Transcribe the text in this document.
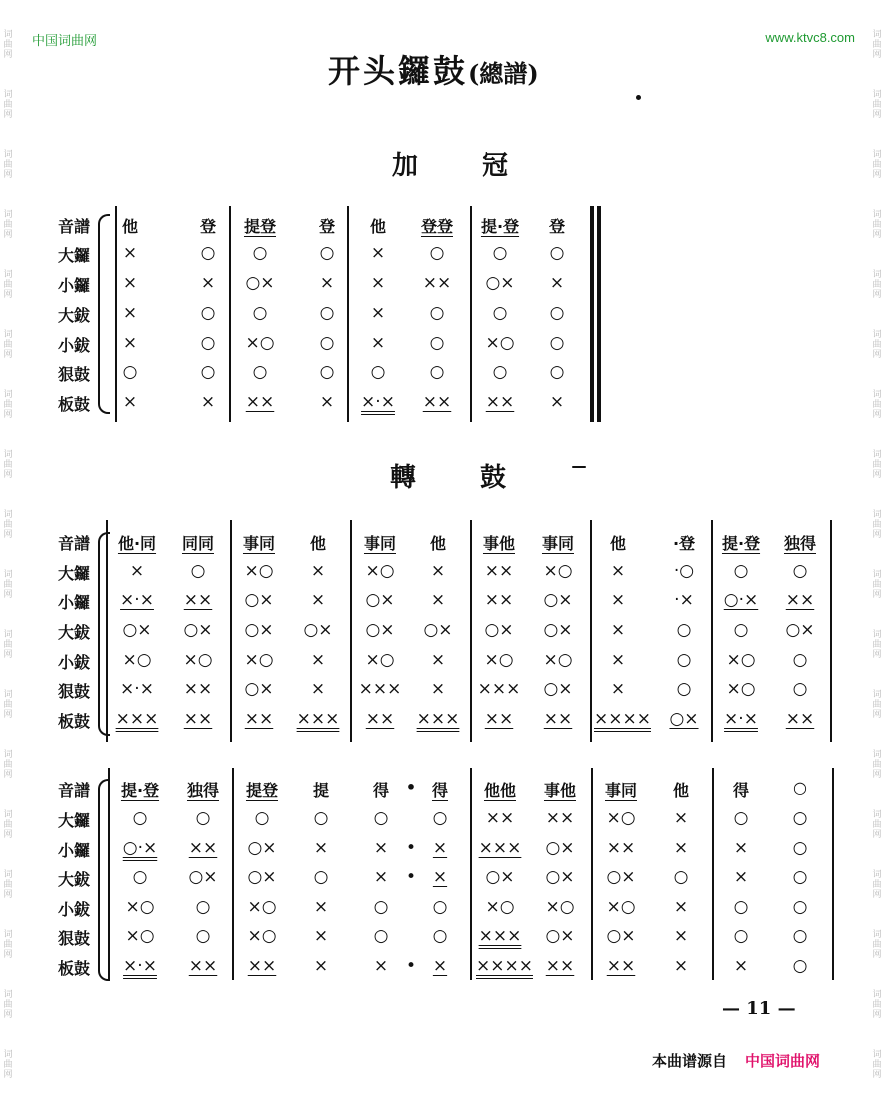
词
曲
网
词
曲
网
词
曲
网
词
曲
网
词
曲
网
词
曲
网
词
曲
网
词
曲
网
词
曲
网
词
曲
网
词
曲
网
词
曲
网
词
曲
网
词
曲
网
词
曲
网
词
曲
网
词
曲
网
词
曲
网
词
曲
网
词
曲
网
词
曲
网
词
曲
网
词
曲
网
词
曲
网
词
曲
网
词
曲
网
词
曲
网
词
曲
网
词
曲
网
词
曲
网
词
曲
网
词
曲
网
词
曲
网
词
曲
网
词
曲
网
词
曲
网
中国词曲网	www.ktvc8.com
开头鑼鼓(總譜)
加 冠
轉 鼓
音譜
大鑼
小鑼
大鈸
小鈸
狠鼓
板鼓
他	登	提登	登	他	登登	提·登	登
×	○	○	○	×	○	○	○
×	×	○×	×	×	××	○×	×
×	○	○	○	×	○	○	○
×	○	×○	○	×	○	×○	○
○	○	○	○	○	○	○	○
×	×	××	×	×·×	××	××	×
音譜
大鑼
小鑼
大鈸
小鈸
狠鼓
板鼓
他·同	同同	事同	他	事同	他	事他	事同	他	·登	提·登	独得
×	○	×○	×	×○	×	××	×○	×	·○	○	○
×·×	××	○×	×	○×	×	××	○×	×	·×	○·×	××
○×	○×	○×	○×	○×	○×	○×	○×	×	○	○	○×
×○	×○	×○	×	×○	×	×○	×○	×	○	×○	○
×·×	××	○×	×	×××	×	×××	○×	×	○	×○	○
×××	××	××	×××	××	×××	××	××	××××	○×	×·×	××
音譜
大鑼
小鑼
大鈸
小鈸
狠鼓
板鼓
提·登	独得	提登	提	得	• 得	他他	事他	事同	他	得	○
○	○	○	○	○	○	××	××	×○	×	○	○
○·×	××	○×	×	×	• ×	×××	○×	××	×	×	○
○	○×	○×	○	×	• ×	○×	○×	○×	○	×	○
×○	○	×○	×	○	○	×○	×○	×○	×	○	○
×○	○	×○	×	○	○	×××	○×	○×	×	○	○
×·×	××	××	×	×	• ×	×××× ××	××	×	×	○
— 11 —
本曲谱源自 中国词曲网
